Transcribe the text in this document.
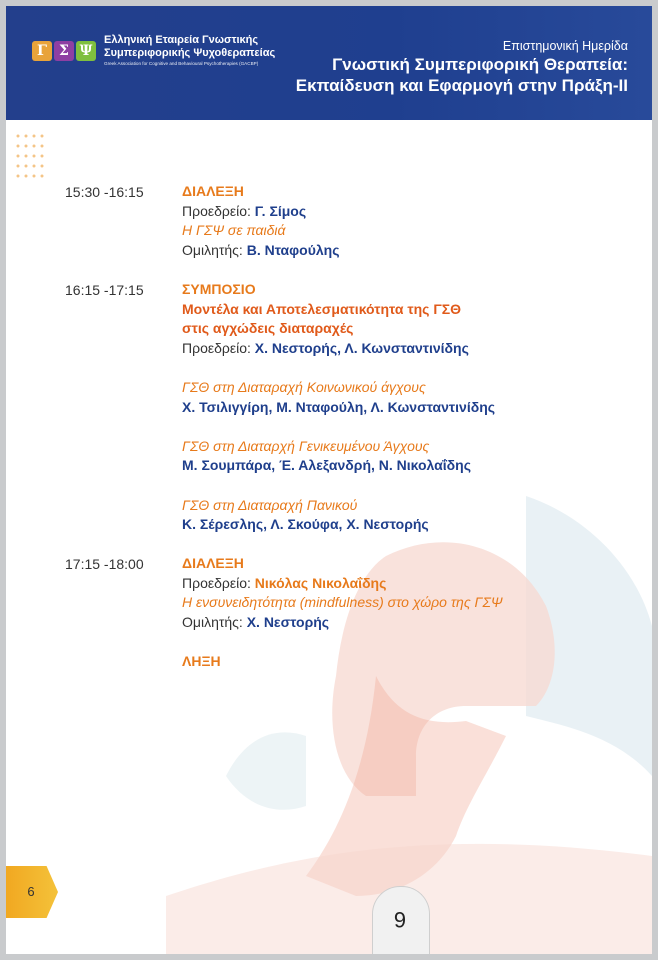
Γ Σ Ψ
Ελληνική Εταιρεία Γνωστικής
Συμπεριφορικής Ψυχοθεραπείας
Greek Association for Cognitive and Behavioural Psychotherapies (GACBP)
Επιστημονική Ημερίδα
Γνωστική Συμπεριφορική Θεραπεία:
Εκπαίδευση και Εφαρμογή στην Πράξη-ΙΙ
15:30 -16:15	ΔΙΑΛΕΞΗ
Προεδρείο: Γ. Σίμος
Η ΓΣΨ σε παιδιά
Ομιλητής: Β. Νταφούλης
16:15 -17:15	ΣΥΜΠΟΣΙΟ
Μοντέλα και Αποτελεσματικότητα της ΓΣΘ
στις αγχώδεις διαταραχές
Προεδρείο: Χ. Νεστορής, Λ. Κωνσταντινίδης
ΓΣΘ στη Διαταραχή Κοινωνικού άγχους
Χ. Τσιλιγγίρη, Μ. Νταφούλη, Λ. Κωνσταντινίδης
ΓΣΘ στη Διαταρχή Γενικευμένου Άγχους
Μ. Σουμπάρα, Έ. Αλεξανδρή, Ν. Νικολαΐδης
ΓΣΘ στη Διαταραχή Πανικού
Κ. Σέρεσλης, Λ. Σκούφα, Χ. Νεστορής
17:15 -18:00	ΔΙΑΛΕΞΗ
Προεδρείο: Νικόλας Νικολαΐδης
Η ενσυνειδητότητα (mindfulness) στο χώρο της ΓΣΨ
Ομιλητής: Χ. Νεστορής
ΛΗΞΗ
6
6
